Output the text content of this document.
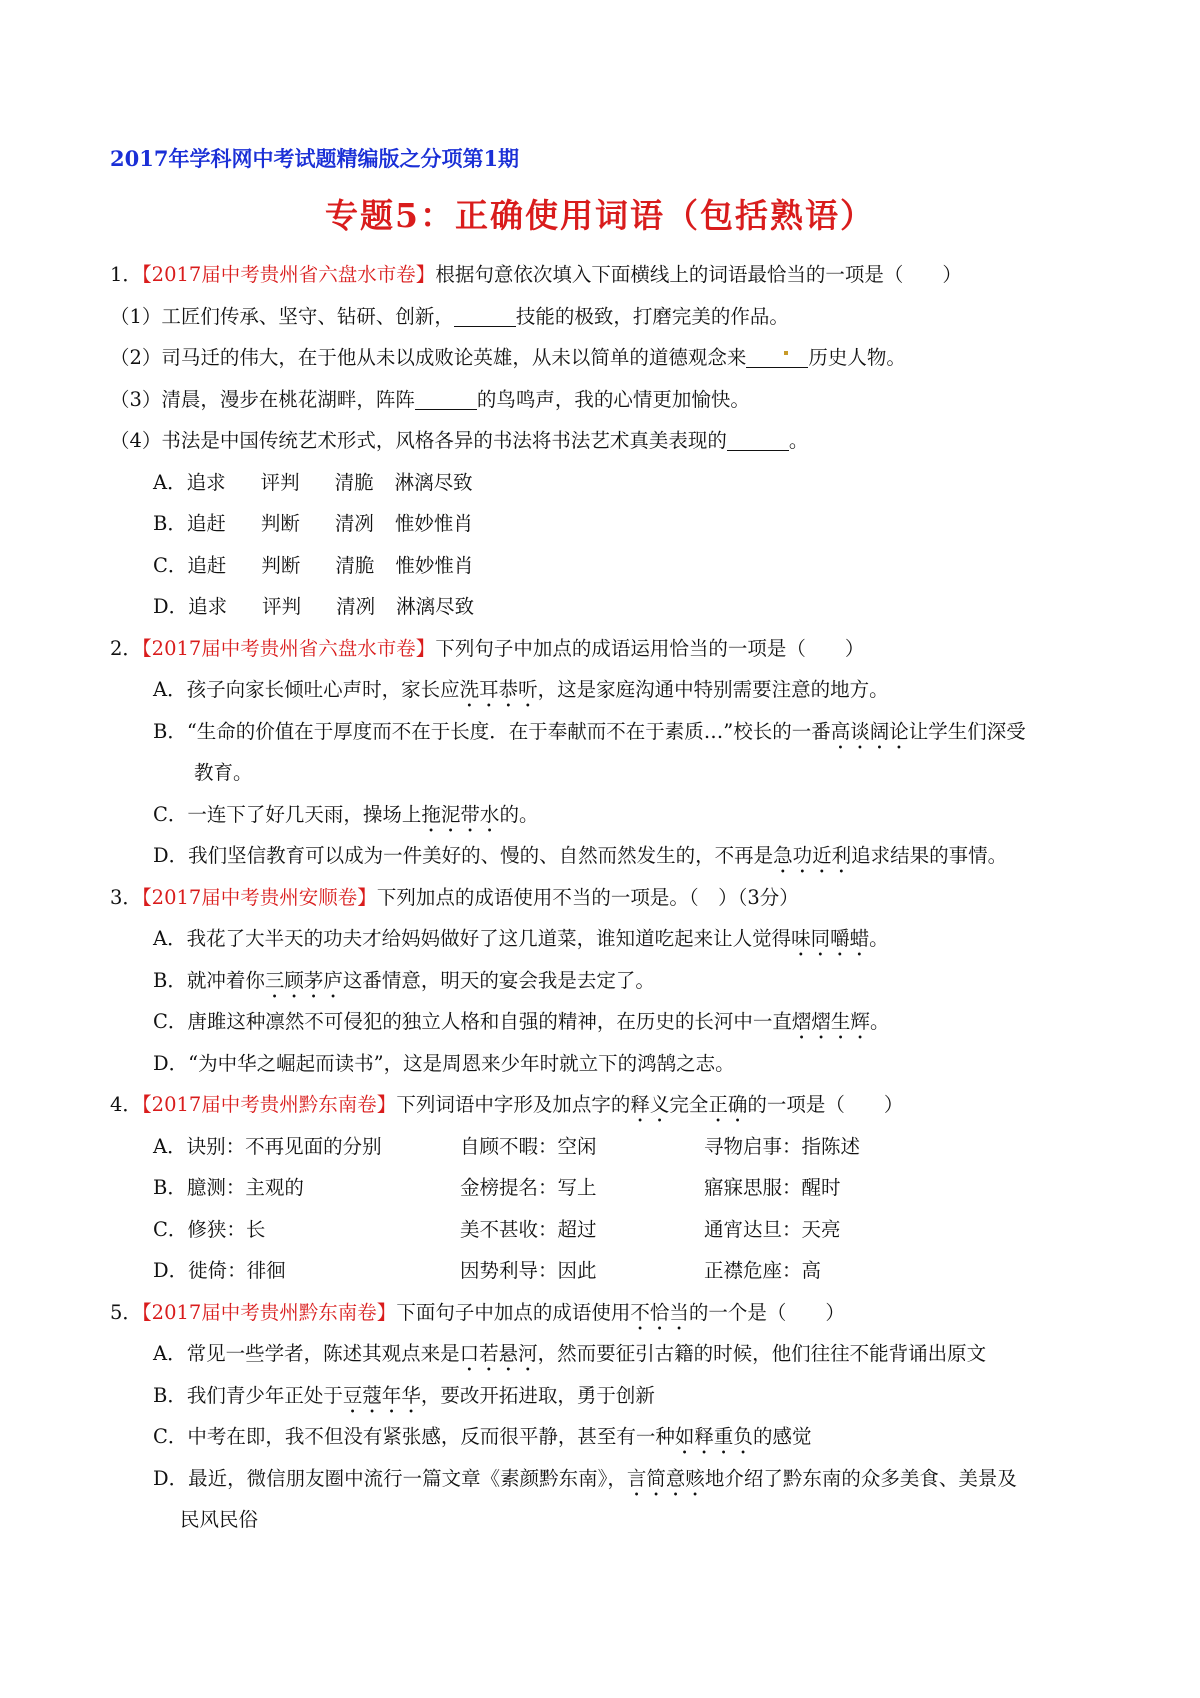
2017年学科网中考试题精编版之分项第1期
专题5：正确使用词语（包括熟语）
1．【2017届中考贵州省六盘水市卷】根据句意依次填入下面横线上的词语最恰当的一项是（　　）
（1）工匠们传承、坚守、钻研、创新，	技能的极致，打磨完美的作品。
（2）司马迁的伟大，在于他从未以成败论英雄，从未以简单的道德观念来	历史人物。
（3）清晨，漫步在桃花湖畔，阵阵	的鸟鸣声，我的心情更加愉快。
（4）书法是中国传统艺术形式，风格各异的书法将书法艺术真美表现的	。
A．追求 评判 清脆 淋漓尽致
B．追赶 判断 清冽 惟妙惟肖
C．追赶 判断 清脆 惟妙惟肖
D．追求 评判 清冽 淋漓尽致
2．【2017届中考贵州省六盘水市卷】下列句子中加点的成语运用恰当的一项是（　　）
A．孩子向家长倾吐心声时，家长应洗耳恭听，这是家庭沟通中特别需要注意的地方。
B．“生命的价值在于厚度而不在于长度．在于奉献而不在于素质…”校长的一番高谈阔论让学生们深受
教育。
C．一连下了好几天雨，操场上拖泥带水的。
D．我们坚信教育可以成为一件美好的、慢的、自然而然发生的，不再是急功近利追求结果的事情。
3．【2017届中考贵州安顺卷】下列加点的成语使用不当的一项是。（　）（3分）
A．我花了大半天的功夫才给妈妈做好了这几道菜，谁知道吃起来让人觉得味同嚼蜡。
B．就冲着你三顾茅庐这番情意，明天的宴会我是去定了。
C．唐雎这种凛然不可侵犯的独立人格和自强的精神，在历史的长河中一直熠熠生辉。
D．“为中华之崛起而读书”，这是周恩来少年时就立下的鸿鹄之志。
4．【2017届中考贵州黔东南卷】下列词语中字形及加点字的释义完全正确的一项是（　　）
A．诀别：不再见面的分别	自顾不暇：空闲	寻物启事：指陈述
B．臆测：主观的	金榜提名：写上	寤寐思服：醒时
C．修狭：长	美不甚收：超过	通宵达旦：天亮
D．徙倚：徘徊	因势利导：因此	正襟危座：高
5．【2017届中考贵州黔东南卷】下面句子中加点的成语使用不恰当的一个是（　　）
A．常见一些学者，陈述其观点来是口若悬河，然而要征引古籍的时候，他们往往不能背诵出原文
B．我们青少年正处于豆蔻年华，要改开拓进取，勇于创新
C．中考在即，我不但没有紧张感，反而很平静，甚至有一种如释重负的感觉
D．最近，微信朋友圈中流行一篇文章《素颜黔东南》，言简意赅地介绍了黔东南的众多美食、美景及
民风民俗
